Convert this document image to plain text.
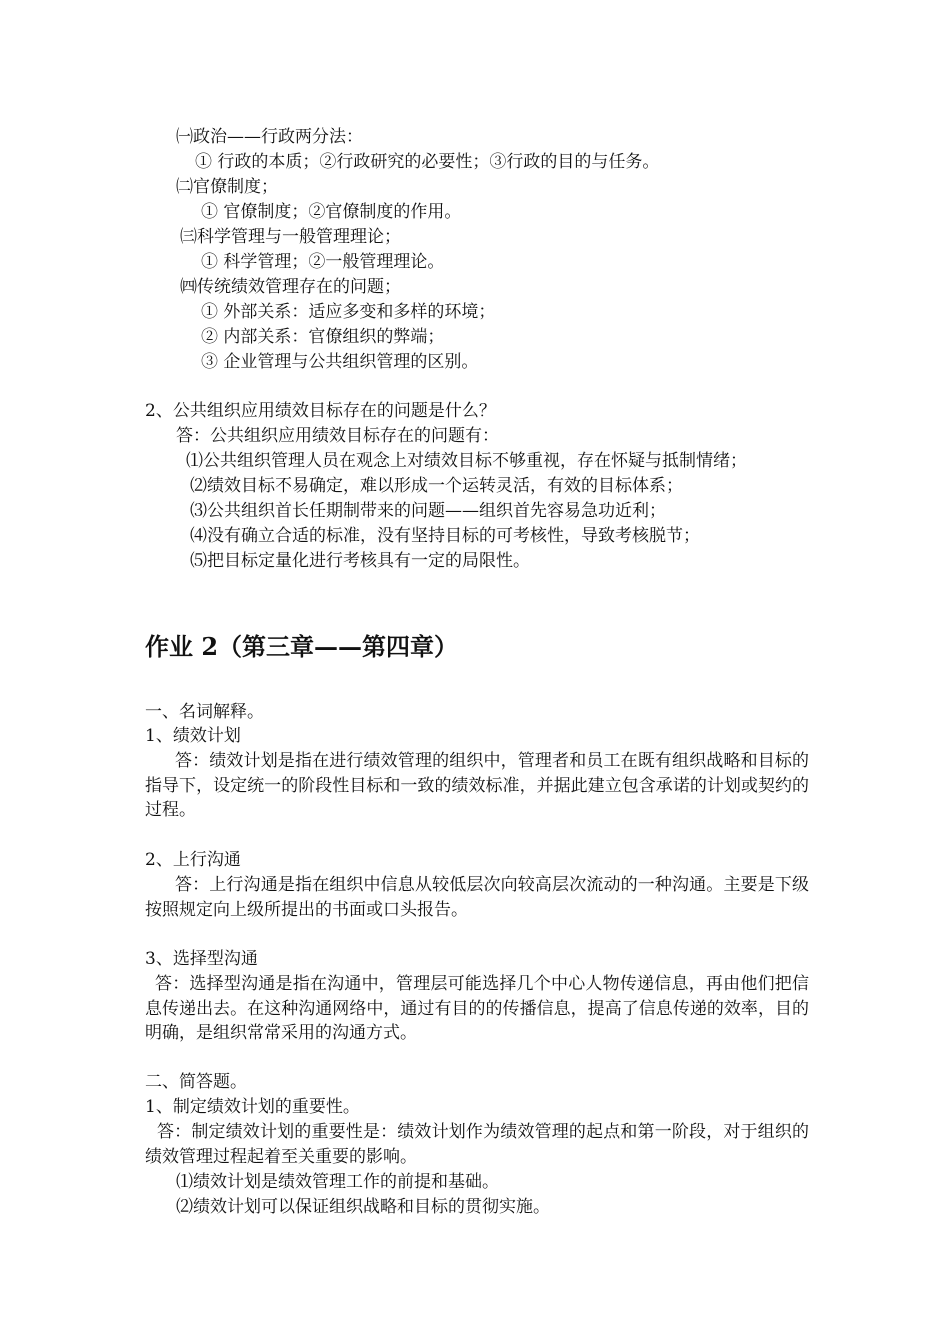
㈠政治——行政两分法：
① 行政的本质；②行政研究的必要性；③行政的目的与任务。
㈡官僚制度；
① 官僚制度；②官僚制度的作用。
㈢科学管理与一般管理理论；
① 科学管理；②一般管理理论。
㈣传统绩效管理存在的问题；
① 外部关系：适应多变和多样的环境；
② 内部关系：官僚组织的弊端；
③ 企业管理与公共组织管理的区别。
2、公共组织应用绩效目标存在的问题是什么？
答：公共组织应用绩效目标存在的问题有：
⑴公共组织管理人员在观念上对绩效目标不够重视，存在怀疑与抵制情绪；
⑵绩效目标不易确定，难以形成一个运转灵活，有效的目标体系；
⑶公共组织首长任期制带来的问题——组织首先容易急功近利；
⑷没有确立合适的标准，没有坚持目标的可考核性，导致考核脱节；
⑸把目标定量化进行考核具有一定的局限性。
作业 2（第三章——第四章）
一、名词解释。
1、绩效计划
答：绩效计划是指在进行绩效管理的组织中，管理者和员工在既有组织战略和目标的指导下，设定统一的阶段性目标和一致的绩效标准，并据此建立包含承诺的计划或契约的过程。
2、上行沟通
答：上行沟通是指在组织中信息从较低层次向较高层次流动的一种沟通。主要是下级按照规定向上级所提出的书面或口头报告。
3、选择型沟通
答：选择型沟通是指在沟通中，管理层可能选择几个中心人物传递信息，再由他们把信息传递出去。在这种沟通网络中，通过有目的的传播信息，提高了信息传递的效率，目的明确，是组织常常采用的沟通方式。
二、简答题。
1、制定绩效计划的重要性。
答：制定绩效计划的重要性是：绩效计划作为绩效管理的起点和第一阶段，对于组织的绩效管理过程起着至关重要的影响。
⑴绩效计划是绩效管理工作的前提和基础。
⑵绩效计划可以保证组织战略和目标的贯彻实施。
